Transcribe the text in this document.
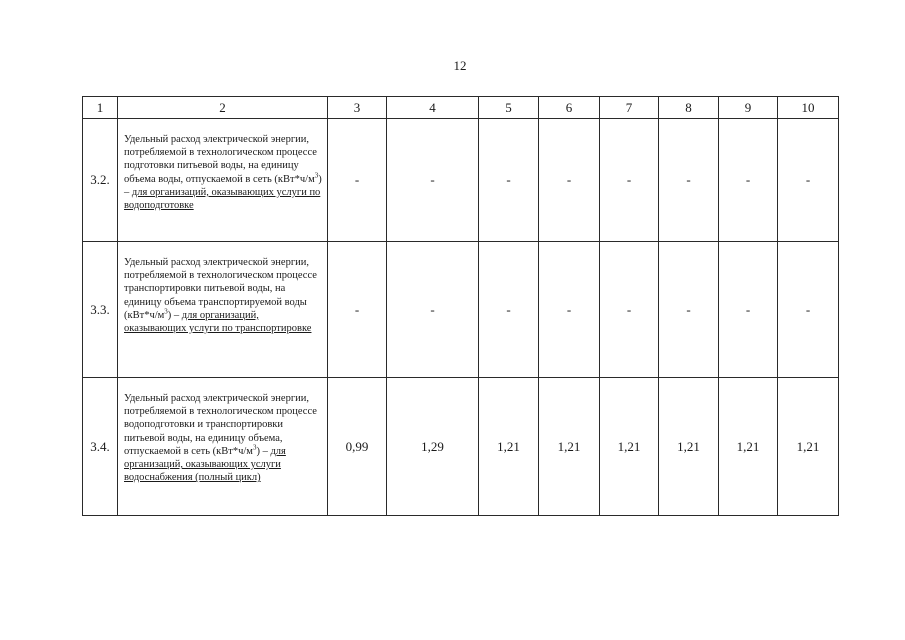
12
1	2	3	4	5	6	7	8	9	10
3.2.	Удельный расход электрической энергии, потребляемой в технологическом процессе подготовки питьевой воды, на единицу объема воды, отпускаемой в сеть $(кВт*ч/м^3)$ – для организаций, оказывающих услуги по водоподготовке	-	-	-	-	-	-	-	-
3.3.	Удельный расход электрической энергии, потребляемой в технологическом процессе транспортировки питьевой воды, на единицу объема транспортируемой воды $(кВт*ч/м^3)$ – для организаций, оказывающих услуги по транспортировке	-	-	-	-	-	-	-	-
3.4.	Удельный расход электрической энергии, потребляемой в технологическом процессе водоподготовки и транспортировки питьевой воды, на единицу объема, отпускаемой в сеть $(кВт*ч/м^3)$ – для организаций, оказывающих услуги водоснабжения (полный цикл)	0,99	1,29	1,21	1,21	1,21	1,21	1,21	1,21
